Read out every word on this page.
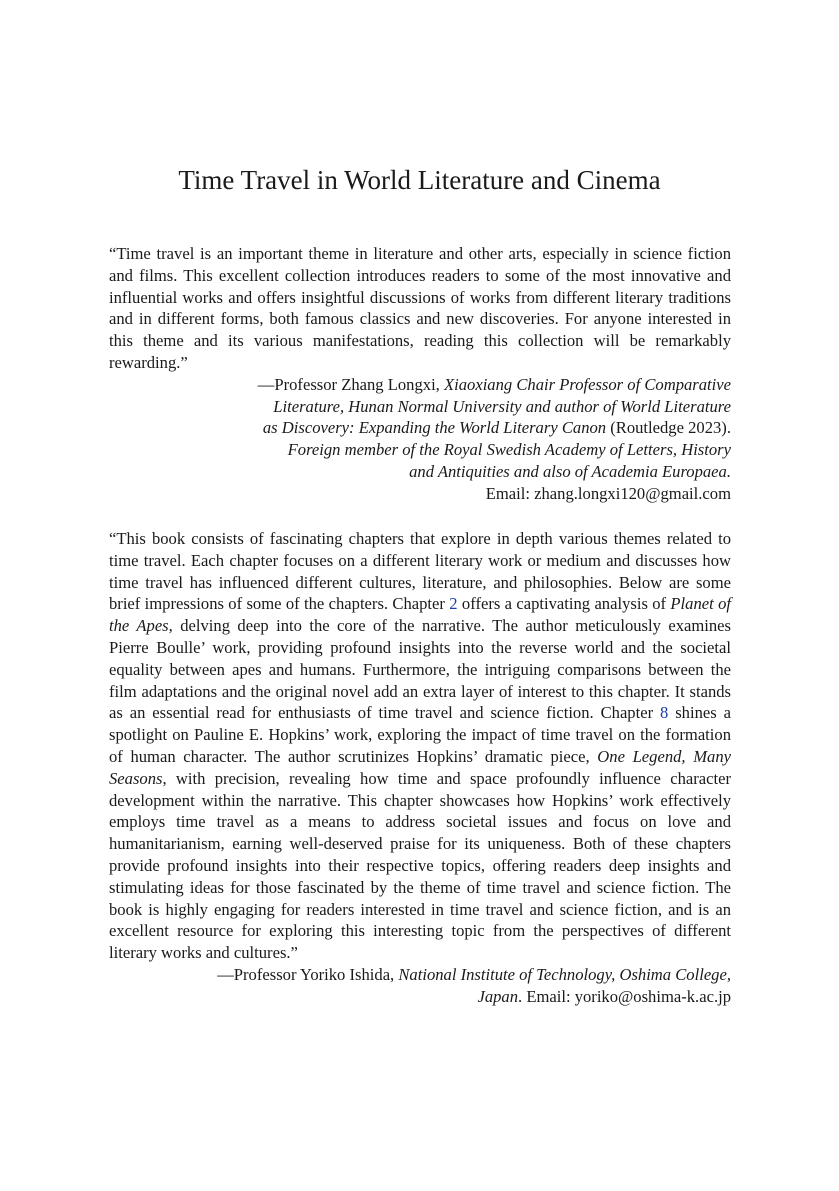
Time Travel in World Literature and Cinema

“Time travel is an important theme in literature and other arts, especially in science fiction and films. This excellent collection introduces readers to some of the most innovative and influential works and offers insightful discussions of works from different literary traditions and in different forms, both famous classics and new discoveries. For anyone interested in this theme and its various manifestations, reading this collection will be remarkably rewarding.”

—Professor Zhang Longxi, Xiaoxiang Chair Professor of Comparative
Literature, Hunan Normal University and author of World Literature
as Discovery: Expanding the World Literary Canon (Routledge 2023).
Foreign member of the Royal Swedish Academy of Letters, History
and Antiquities and also of Academia Europaea.
Email: zhang.longxi120@gmail.com

“This book consists of fascinating chapters that explore in depth various themes related to time travel. Each chapter focuses on a different literary work or medium and discusses how time travel has influenced different cultures, literature, and philosophies. Below are some brief impressions of some of the chapters. Chapter 2 offers a captivating analysis of Planet of the Apes, delving deep into the core of the narrative. The author meticulously examines Pierre Boulle’ work, providing profound insights into the reverse world and the societal equality between apes and humans. Furthermore, the intriguing comparisons between the film adaptations and the original novel add an extra layer of interest to this chapter. It stands as an essential read for enthusiasts of time travel and science fiction. Chapter 8 shines a spotlight on Pauline E. Hopkins’ work, exploring the impact of time travel on the formation of human character. The author scrutinizes Hopkins’ dramatic piece, One Legend, Many Seasons, with precision, revealing how time and space profoundly influence character development within the narrative. This chapter showcases how Hopkins’ work effectively employs time travel as a means to address societal issues and focus on love and humanitarianism, earning well-deserved praise for its uniqueness. Both of these chapters provide profound insights into their respective topics, offering readers deep insights and stimulating ideas for those fascinated by the theme of time travel and science fiction. The book is highly engaging for readers interested in time travel and science fiction, and is an excellent resource for exploring this interesting topic from the perspectives of different literary works and cultures.”

—Professor Yoriko Ishida, National Institute of Technology, Oshima College,
Japan. Email: yoriko@oshima-k.ac.jp
